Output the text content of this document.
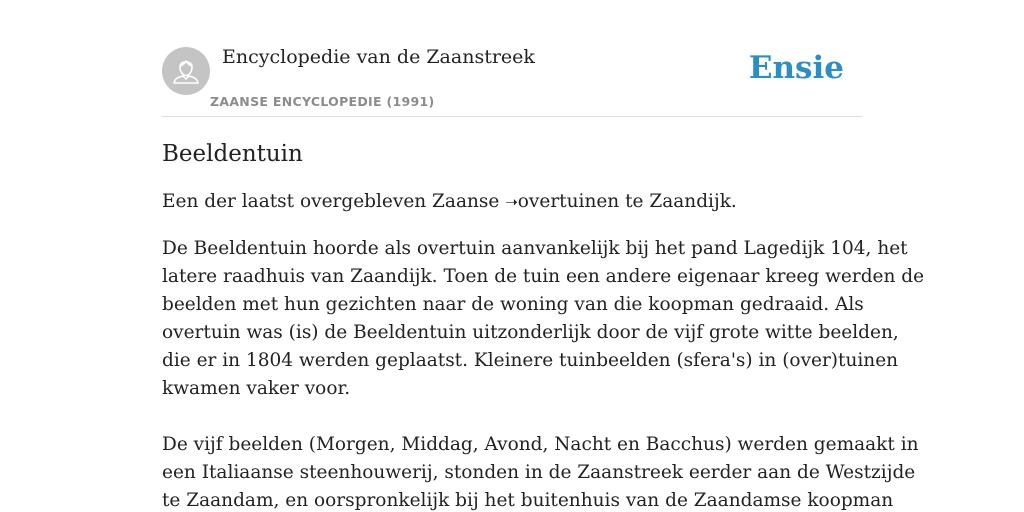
Encyclopedie van de Zaanstreek
ZAANSE ENCYCLOPEDIE (1991)
Ensie
Beeldentuin

Een der laatst overgebleven Zaanse ➝overtuinen te Zaandijk.

De Beeldentuin hoorde als overtuin aanvankelijk bij het pand Lagedijk 104, het
latere raadhuis van Zaandijk. Toen de tuin een andere eigenaar kreeg werden de
beelden met hun gezichten naar de woning van die koopman gedraaid. Als
overtuin was (is) de Beeldentuin uitzonderlijk door de vijf grote witte beelden,
die er in 1804 werden geplaatst. Kleinere tuinbeelden (sfera's) in (over)tuinen
kwamen vaker voor.

De vijf beelden (Morgen, Middag, Avond, Nacht en Bacchus) werden gemaakt in
een Italiaanse steenhouwerij, stonden in de Zaanstreek eerder aan de Westzijde
te Zaandam, en oorspronkelijk bij het buitenhuis van de Zaandamse koopman
